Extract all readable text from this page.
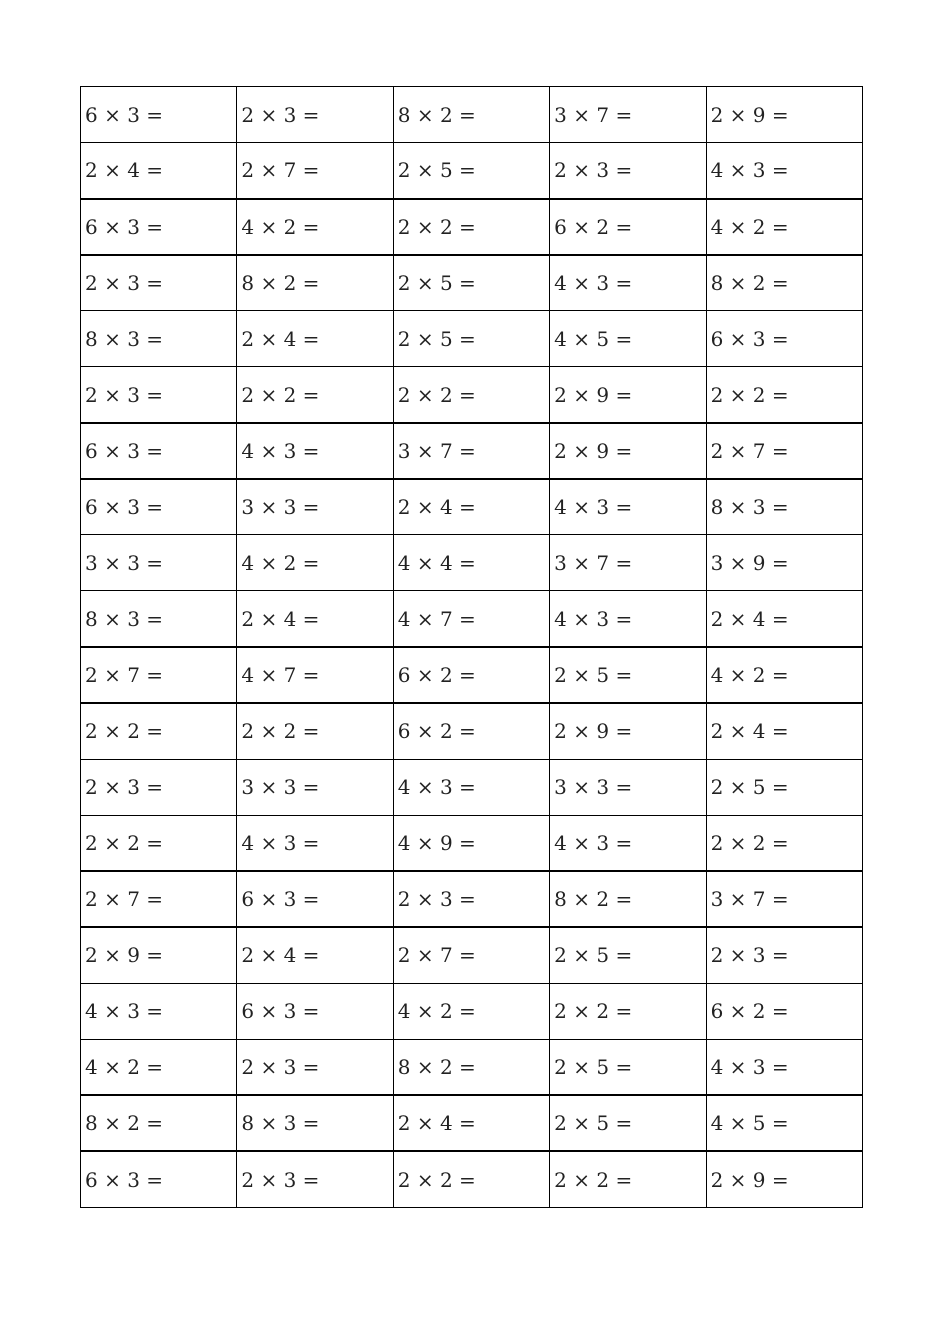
6 × 3 =	2 × 3 =	8 × 2 =	3 × 7 =	2 × 9 =
2 × 4 =	2 × 7 =	2 × 5 =	2 × 3 =	4 × 3 =
6 × 3 =	4 × 2 =	2 × 2 =	6 × 2 =	4 × 2 =
2 × 3 =	8 × 2 =	2 × 5 =	4 × 3 =	8 × 2 =
8 × 3 =	2 × 4 =	2 × 5 =	4 × 5 =	6 × 3 =
2 × 3 =	2 × 2 =	2 × 2 =	2 × 9 =	2 × 2 =
6 × 3 =	4 × 3 =	3 × 7 =	2 × 9 =	2 × 7 =
6 × 3 =	3 × 3 =	2 × 4 =	4 × 3 =	8 × 3 =
3 × 3 =	4 × 2 =	4 × 4 =	3 × 7 =	3 × 9 =
8 × 3 =	2 × 4 =	4 × 7 =	4 × 3 =	2 × 4 =
2 × 7 =	4 × 7 =	6 × 2 =	2 × 5 =	4 × 2 =
2 × 2 =	2 × 2 =	6 × 2 =	2 × 9 =	2 × 4 =
2 × 3 =	3 × 3 =	4 × 3 =	3 × 3 =	2 × 5 =
2 × 2 =	4 × 3 =	4 × 9 =	4 × 3 =	2 × 2 =
2 × 7 =	6 × 3 =	2 × 3 =	8 × 2 =	3 × 7 =
2 × 9 =	2 × 4 =	2 × 7 =	2 × 5 =	2 × 3 =
4 × 3 =	6 × 3 =	4 × 2 =	2 × 2 =	6 × 2 =
4 × 2 =	2 × 3 =	8 × 2 =	2 × 5 =	4 × 3 =
8 × 2 =	8 × 3 =	2 × 4 =	2 × 5 =	4 × 5 =
6 × 3 =	2 × 3 =	2 × 2 =	2 × 2 =	2 × 9 =
